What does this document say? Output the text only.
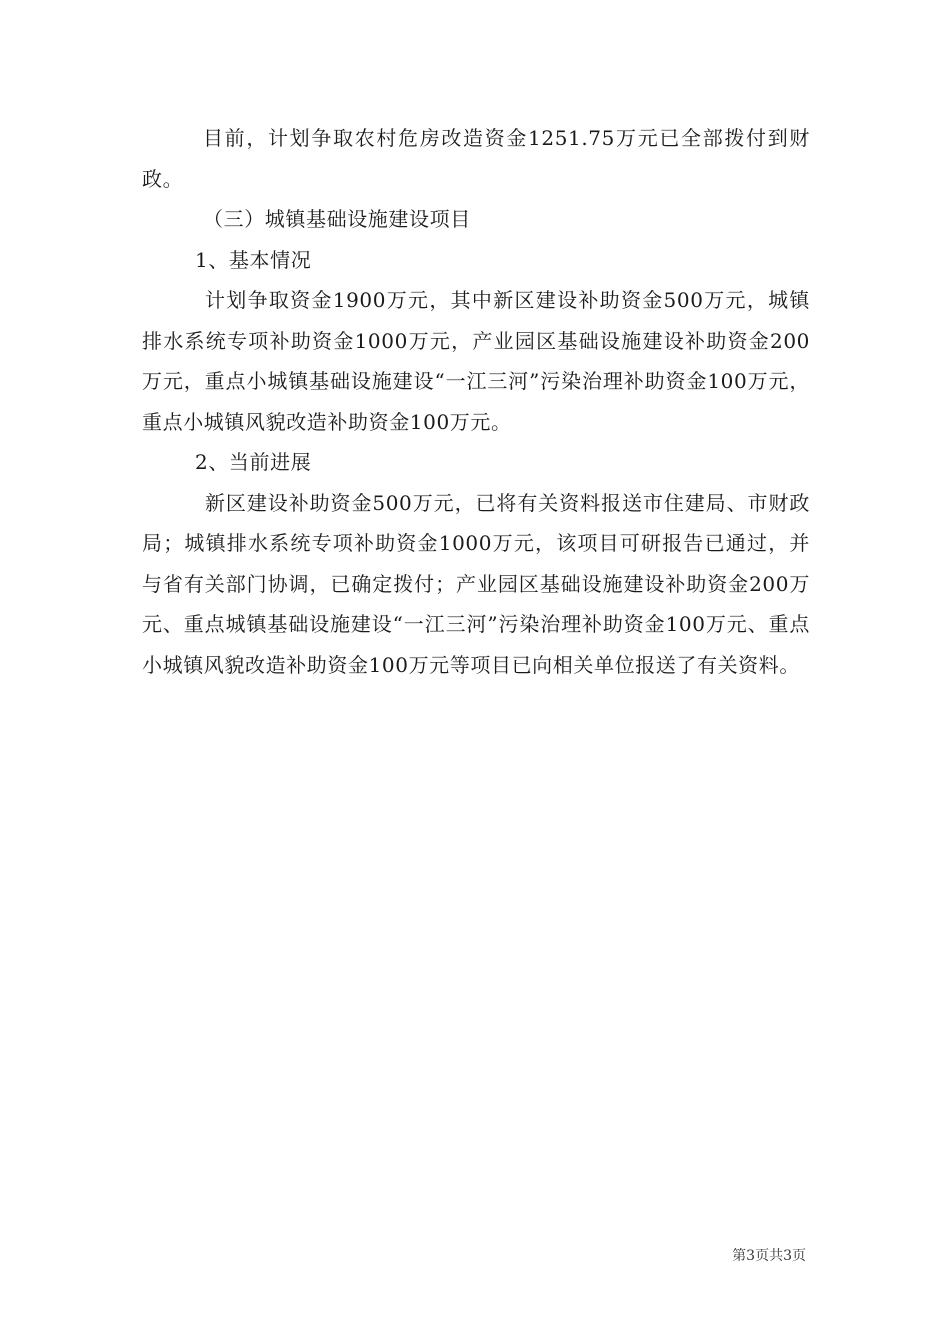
目前，计划争取农村危房改造资金1251.75万元已全部拨付到财政。

（三）城镇基础设施建设项目

1、基本情况

计划争取资金1900万元，其中新区建设补助资金500万元，城镇排水系统专项补助资金1000万元，产业园区基础设施建设补助资金200万元，重点小城镇基础设施建设“一江三河”污染治理补助资金100万元，重点小城镇风貌改造补助资金100万元。

2、当前进展

新区建设补助资金500万元，已将有关资料报送市住建局、市财政局；城镇排水系统专项补助资金1000万元，该项目可研报告已通过，并与省有关部门协调，已确定拨付；产业园区基础设施建设补助资金200万元、重点城镇基础设施建设“一江三河”污染治理补助资金100万元、重点小城镇风貌改造补助资金100万元等项目已向相关单位报送了有关资料。

第3页共3页
